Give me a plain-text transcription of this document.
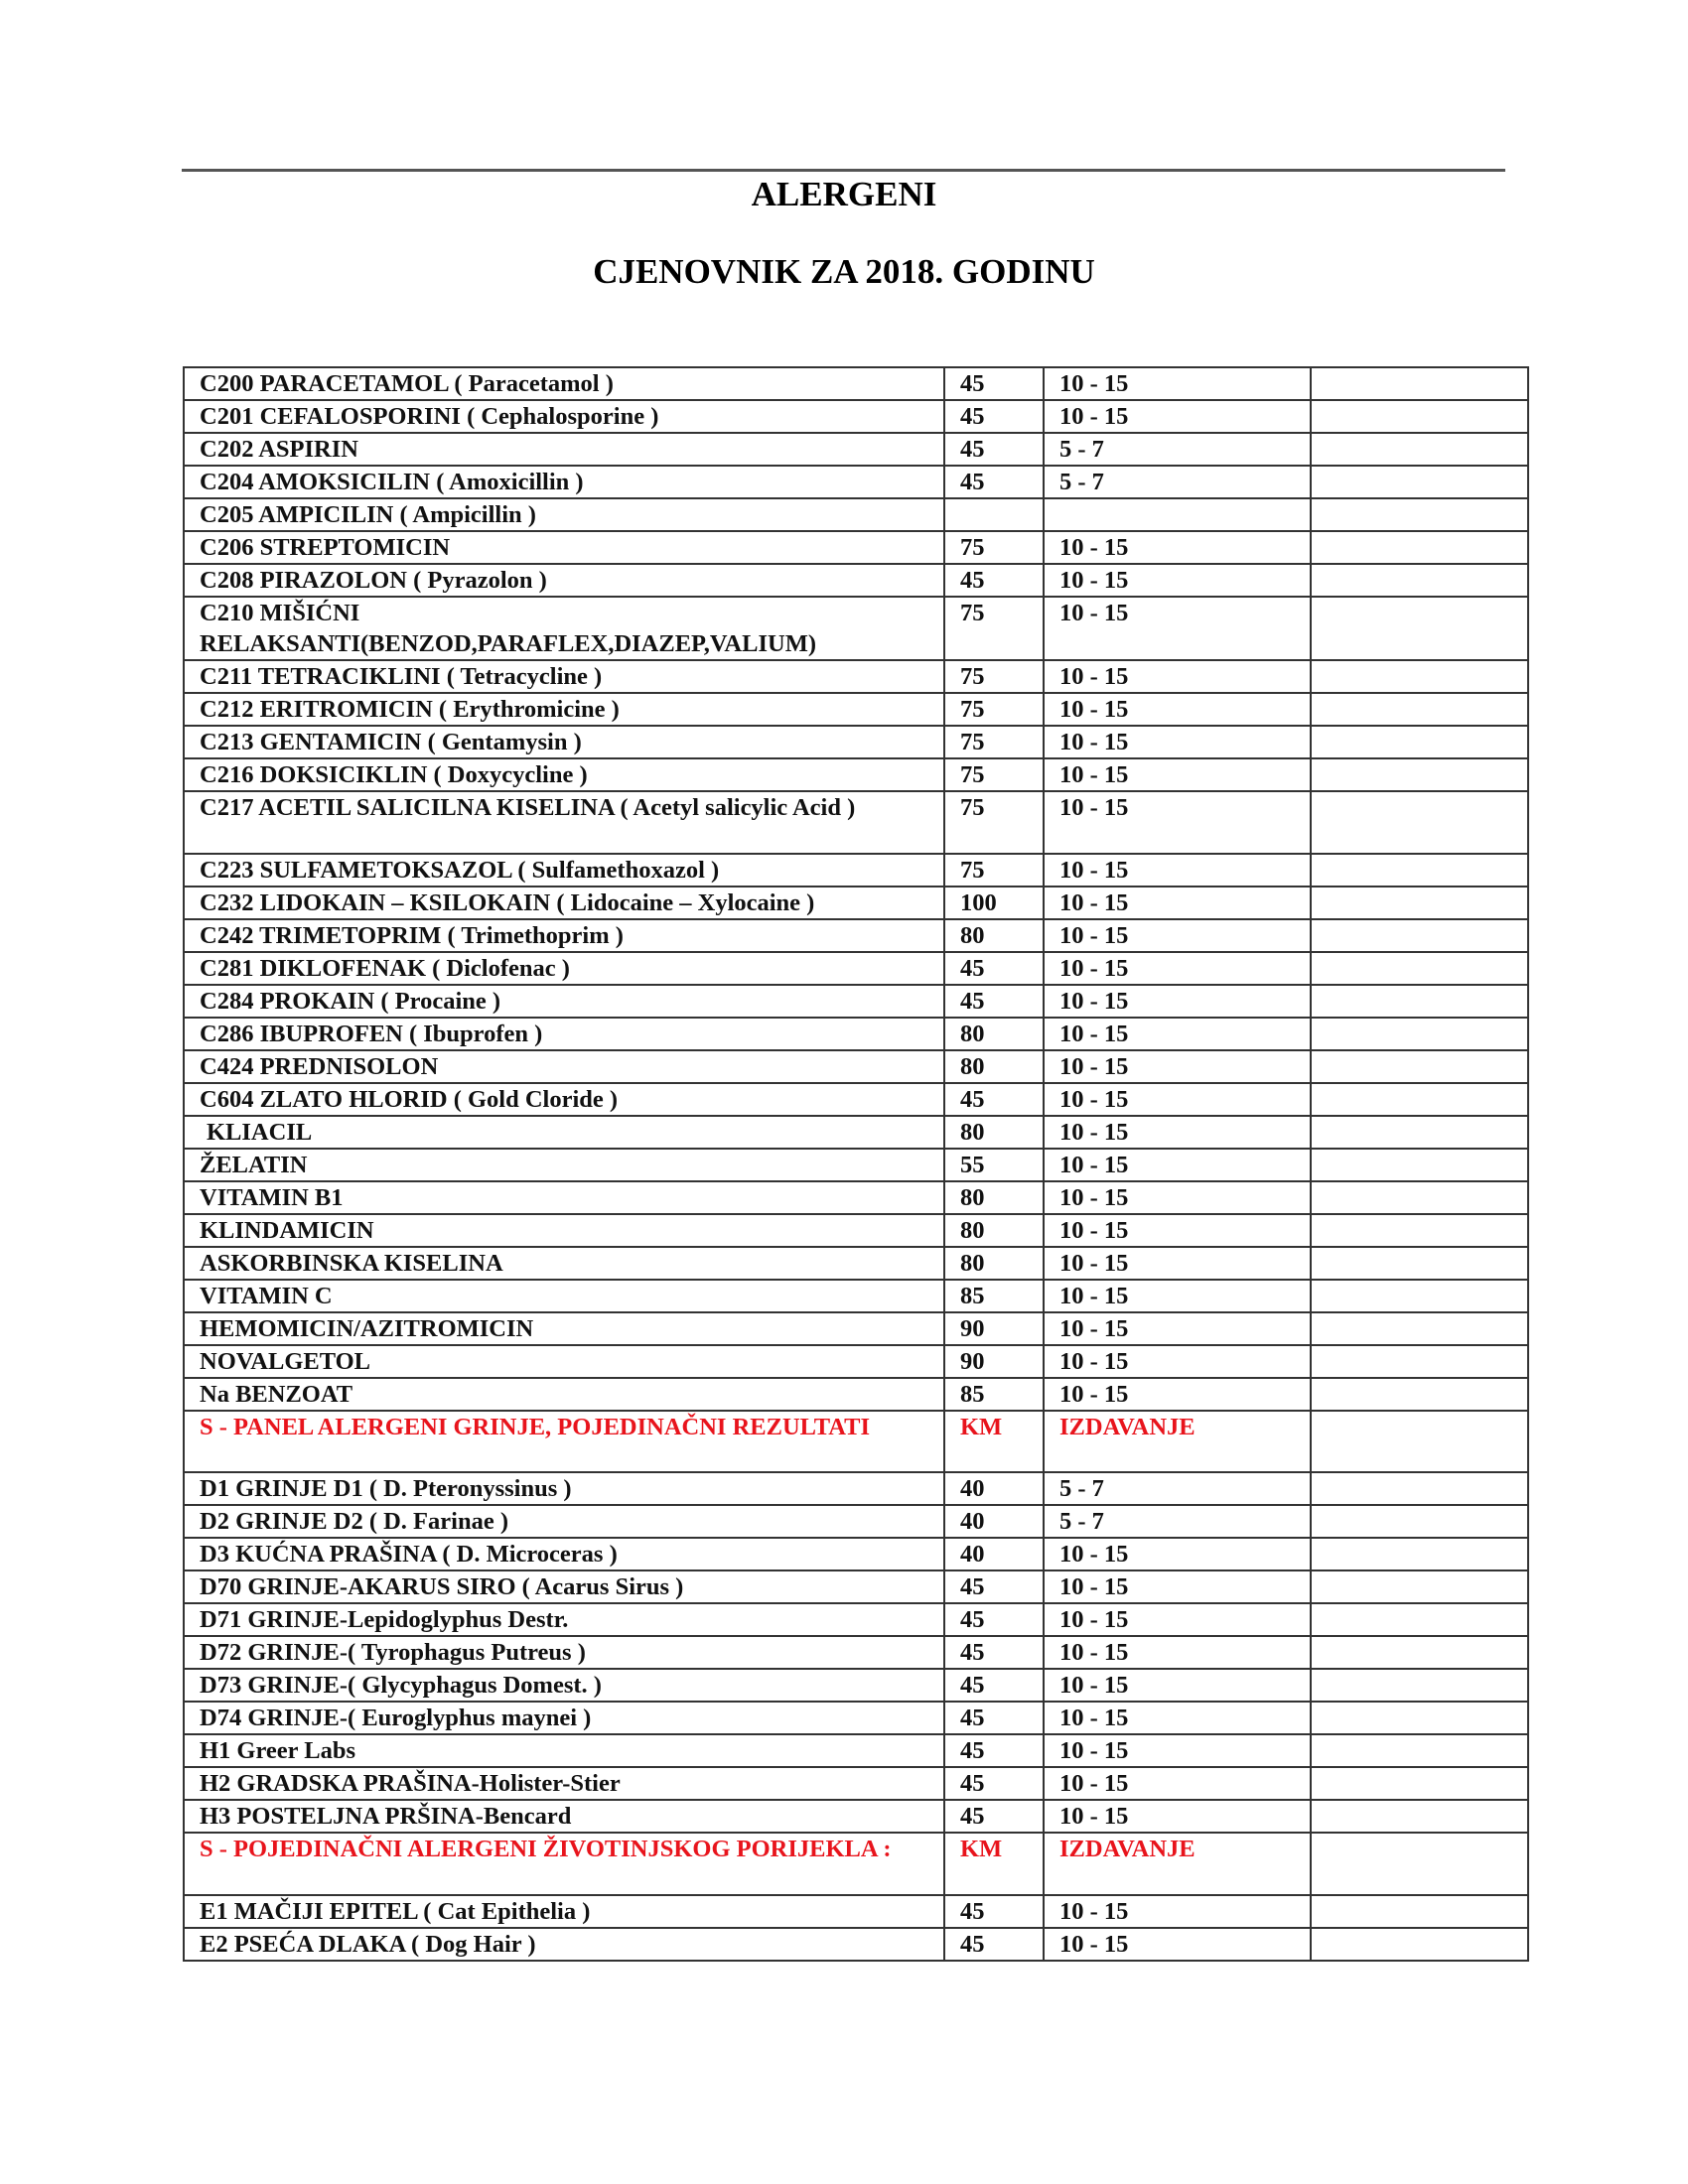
ALERGENI
CJENOVNIK ZA 2018. GODINU
C200 PARACETAMOL ( Paracetamol )	45	10 - 15	
C201 CEFALOSPORINI ( Cephalosporine )	45	10 - 15	
C202 ASPIRIN	45	5 - 7	
C204 AMOKSICILIN ( Amoxicillin )	45	5 - 7	
C205 AMPICILIN ( Ampicillin )			
C206 STREPTOMICIN	75	10 - 15	
C208 PIRAZOLON ( Pyrazolon )	45	10 - 15	
C210 MIŠIĆNI RELAKSANTI(BENZOD,PARAFLEX,DIAZEP,VALIUM)	75	10 - 15	
C211 TETRACIKLINI ( Tetracycline )	75	10 - 15	
C212 ERITROMICIN ( Erythromicine )	75	10 - 15	
C213 GENTAMICIN ( Gentamysin )	75	10 - 15	
C216 DOKSICIKLIN ( Doxycycline )	75	10 - 15	
C217 ACETIL SALICILNA KISELINA ( Acetyl salicylic Acid )	75	10 - 15	
C223 SULFAMETOKSAZOL ( Sulfamethoxazol )	75	10 - 15	
C232 LIDOKAIN – KSILOKAIN ( Lidocaine – Xylocaine )	100	10 - 15	
C242 TRIMETOPRIM ( Trimethoprim )	80	10 - 15	
C281 DIKLOFENAK ( Diclofenac )	45	10 - 15	
C284 PROKAIN ( Procaine )	45	10 - 15	
C286 IBUPROFEN ( Ibuprofen )	80	10 - 15	
C424 PREDNISOLON	80	10 - 15	
C604 ZLATO HLORID ( Gold Cloride )	45	10 - 15	
KLIACIL	80	10 - 15	
ŽELATIN	55	10 - 15	
VITAMIN B1	80	10 - 15	
KLINDAMICIN	80	10 - 15	
ASKORBINSKA KISELINA	80	10 - 15	
VITAMIN C	85	10 - 15	
HEMOMICIN/AZITROMICIN	90	10 - 15	
NOVALGETOL	90	10 - 15	
Na BENZOAT	85	10 - 15	
S - PANEL ALERGENI GRINJE, POJEDINAČNI REZULTATI	KM	IZDAVANJE	
D1 GRINJE D1 ( D. Pteronyssinus )	40	5 - 7	
D2 GRINJE D2 ( D. Farinae )	40	5 - 7	
D3 KUĆNA PRAŠINA ( D. Microceras )	40	10 - 15	
D70 GRINJE-AKARUS SIRO ( Acarus Sirus )	45	10 - 15	
D71 GRINJE-Lepidoglyphus Destr.	45	10 - 15	
D72 GRINJE-( Tyrophagus Putreus )	45	10 - 15	
D73 GRINJE-( Glycyphagus Domest. )	45	10 - 15	
D74 GRINJE-( Euroglyphus maynei )	45	10 - 15	
H1 Greer Labs	45	10 - 15	
H2 GRADSKA PRAŠINA-Holister-Stier	45	10 - 15	
H3 POSTELJNA PRŠINA-Bencard	45	10 - 15	
S - POJEDINAČNI ALERGENI ŽIVOTINJSKOG PORIJEKLA :	KM	IZDAVANJE	
E1 MAČIJI EPITEL ( Cat Epithelia )	45	10 - 15	
E2 PSEĆA DLAKA ( Dog Hair )	45	10 - 15	
